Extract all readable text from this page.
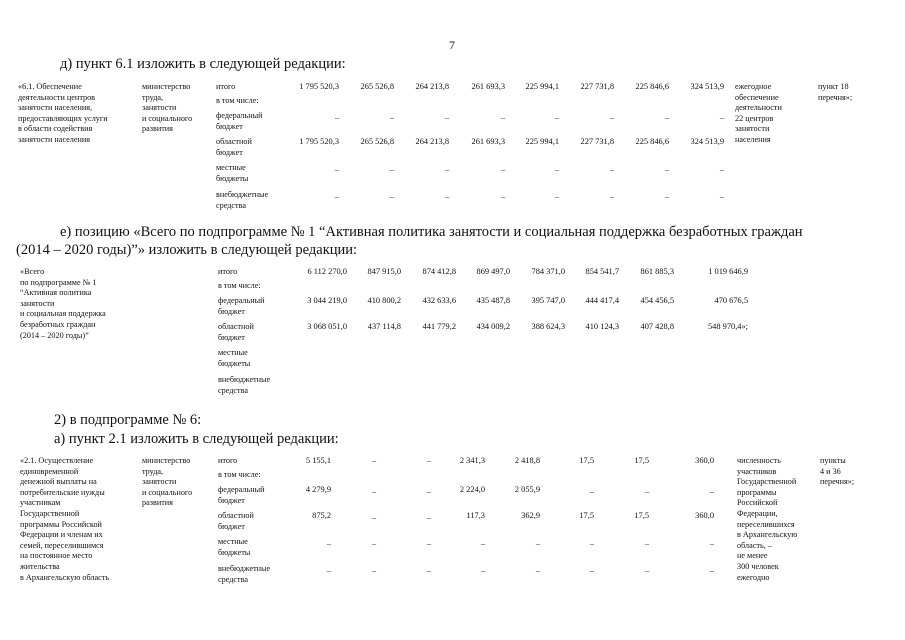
7
д) пункт 6.1 изложить в следующей редакции:
«6.1. Обеспечение
деятельности центров
занятости населения,
предоставляющих услуги
в области содействия
занятости населения
министерство
труда,
занятости
и социального
развития
ежегодное
обеспечение
деятельности
22 центров
занятости
населения
пункт 18
перечня»;
итого	1 795 520,3	265 526,8	264 213,8	261 693,3	225 994,1	227 731,8	225 846,6	324 513,9
в том числе:
федеральный
бюджет
–	–	–	–	–	–	–	–
областной
бюджет
1 795 520,3	265 526,8	264 213,8	261 693,3	225 994,1	227 731,8	225 846,6	324 513,9
местные
бюджеты
–	–	–	–	–	–	–	–
внебюджетные
средства
–	–	–	–	–	–	–	–
е) позицию «Всего по подпрограмме № 1 “Активная политика занятости и социальная поддержка безработных граждан
(2014 – 2020 годы)”» изложить в следующей редакции:
«Всего
по подпрограмме № 1
“Активная политика
занятости
и социальная поддержка
безработных граждан
(2014 – 2020 годы)”
итого	6 112 270,0	847 915,0	874 412,8	869 497,0	784 371,0	854 541,7	861 885,3	1 019 646,9
в том числе:
федеральный
бюджет
3 044 219,0	410 800,2	432 633,6	435 487,8	395 747,0	444 417,4	454 456,5	470 676,5
областной
бюджет
3 068 051,0	437 114,8	441 779,2	434 009,2	388 624,3	410 124,3	407 428,8	548 970,4»;
местные
бюджеты
внебюджетные
средства
2) в подпрограмме № 6:
а) пункт 2.1 изложить в следующей редакции:
«2.1. Осуществление
единовременной
денежной выплаты на
потребительские нужды
участникам
Государственной
программы Российской
Федерации и членам их
семей, переселившимся
на постоянное место
жительства
в Архангельскую область
министерство
труда,
занятости
и социального
развития
численность
участников
Государственной
программы
Российской
Федерации,
переселившихся
в Архангельскую
область, –
не менее
300 человек
ежегодно
пункты
4 и 36
перечня»;
итого	5 155,1	–	–	2 341,3	2 418,8	17,5	17,5	360,0
в том числе:
федеральный
бюджет
4 279,9	–	–	2 224,0	2 055,9	–	–	–
областной
бюджет
875,2	–	–	117,3	362,9	17,5	17,5	360,0
местные
бюджеты
–	–	–	–	–	–	–	–
внебюджетные
средства
–	–	–	–	–	–	–	–
